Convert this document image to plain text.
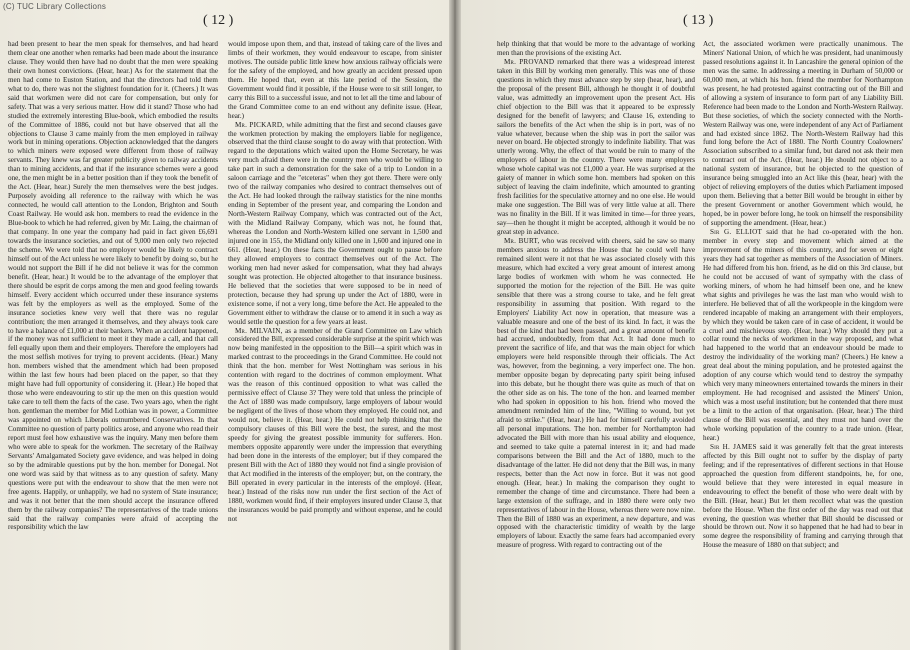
(C) TUC Library Collections
( 12 )

had been present to hear the men speak for themselves, and had heard them clear one another when remarks had been made about the insurance clause. They would then have had no doubt that the men were speaking their own honest convictions. (Hear, hear.) As for the statement that the men had come to Euston Station, and that the directors had told them what to do, there was not the slightest foundation for it. (Cheers.) It was said that workmen were did not care for compensation, but only for safety. That was a very serious matter. How did it stand? Those who had studied the extremely interesting Blue-book, which embodied the results of the Committee of 1886, could not but have observed that all the objections to Clause 3 came mainly from the men employed in railway work but in mining operations. Objection acknowledged that the dangers to which miners were exposed were different from those of railway servants. They knew was far greater publicity given to railway accidents than to mining accidents, and that if the insurance schemes were a good one, the men might be in a better position than if they took the benefit of the Act. (Hear, hear.) Surely the men themselves were the best judges. Purposely avoiding all reference to the railway with which he was connected, he would call attention to the London, Brighton and South Coast Railway. He would ask hon. members to read the evidence in the Blue-book to which he had referred, given by Mr. Laing, the chairman of that company. In one year the company had paid in fact given £6,691 towards the insurance societies, and out of 9,000 men only two rejected the scheme. We were told that no employer would be likely to contract himself out of the Act unless he were likely to benefit by doing so, but he would not support the Bill if he did not believe it was for the common benefit. (Hear, hear.) It would be to the advantage of the employer that there should be esprit de corps among the men and good feeling towards himself. Every accident which occurred under these insurance systems was felt by the employers as well as the employed. Some of the insurance societies knew very well that there was no regular contribution; the men arranged it themselves, and they always took care to have a balance of £1,000 at their bankers. When an accident happened, if the money was not sufficient to meet it they made a call, and that call fell equally upon them and their employers. Therefore the employers had the most selfish motives for trying to prevent accidents. (Hear.) Many hon. members wished that the amendment which had been proposed within the last few hours had been placed on the paper, so that they might have had full opportunity of considering it. (Hear.) He hoped that those who were endeavouring to stir up the men on this question would take care to tell them the facts of the case. Two years ago, when the right hon. gentleman the member for Mid Lothian was in power, a Committee was appointed on which Liberals outnumbered Conservatives. In that Committee no question of party politics arose, and anyone who read their report must feel how exhaustive was the inquiry. Many men before them who were able to speak for the workmen. The secretary of the Railway Servants' Amalgamated Society gave evidence, and was helped in doing so by the admirable questions put by the hon. member for Donegal. Not one word was said by that witness as to any question of safety. Many questions were put with the endeavour to show that the men were not free agents. Happily, or unhappily, we had no system of State insurance; and was it not better that the men should accept the insurance offered them by the railway companies? The representatives of the trade unions said that the railway companies were afraid of accepting the responsibility which the law

would impose upon them, and that, instead of taking care of the lives and limbs of their workmen, they would endeavour to escape, from sinister motives. The outside public little knew how anxious railway officials were for the safety of the employed, and how greatly an accident pressed upon them. He hoped that, even at this late period of the Session, the Government would find it possible, if the House were to sit still longer, to carry this Bill to a successful issue, and not to let all the time and labour of the Grand Committee come to an end without any definite issue. (Hear, hear.)

Mr. PICKARD, while admitting that the first and second clauses gave the workmen protection by making the employers liable for negligence, observed that the third clause sought to do away with that protection. With regard to the deputations which waited upon the Home Secretary, he was very much afraid there were in the country men who would be willing to take part in such a demonstration for the sake of a trip to London in a saloon carriage and the "etceteras" when they got there. There were only two of the railway companies who desired to contract themselves out of the Act. He had looked through the railway statistics for the nine months ending in September of the present year, and comparing the London and North-Western Railway Company, which was contracted out of the Act, with the Midland Railway Company, which was not, he found that, whereas the London and North-Western killed one servant in 1,500 and injured one in 155, the Midland only killed one in 1,600 and injured one in 661. (Hear, hear.) On these facts the Government ought to pause before they allowed employers to contract themselves out of the Act. The working men had never asked for compensation, what they had always sought was protection. He objected altogether to that insurance business. He believed that the societies that were supposed to be in need of protection, because they had sprung up under the Act of 1880, were in existence some, if not a very long, time before the Act. He appealed to the Government either to withdraw the clause or to amend it in such a way as would settle the question for a few years at least.

Mr. MILVAIN, as a member of the Grand Committee on Law which considered the Bill, expressed considerable surprise at the spirit which was now being manifested in the opposition to the Bill—a spirit which was in marked contrast to the proceedings in the Grand Committee. He could not think that the hon. member for West Nottingham was serious in his contention with regard to the doctrines of common employment. What was the reason of this continued opposition to what was called the permissive effect of Clause 3? They were told that unless the principle of the Act of 1880 was made compulsory, large employers of labour would be negligent of the lives of those whom they employed. He could not, and would not, believe it. (Hear, hear.) He could not help thinking that the compulsory clauses of this Bill were the best, the surest, and the most speedy for giving the greatest possible immunity for sufferers. Hon. members opposite apparently were under the impression that everything had been done in the interests of the employer; but if they compared the present Bill with the Act of 1880 they would not find a single provision of that Act modified in the interests of the employer; but, on the contrary, the Bill operated in every particular in the interests of the employé. (Hear, hear.) Instead of the risks now run under the first section of the Act of 1880, workmen would find, if their employers insured under Clause 3, that the insurances would be paid promptly and without expense, and he could not

( 13 )

help thinking that that would be more to the advantage of working men than the provisions of the existing Act.

Mr. PROVAND remarked that there was a widespread interest taken in this Bill by working men generally. This was one of those questions in which they must advance step by step (hear, hear), and the proposal of the present Bill, although he thought it of doubtful value, was admittedly an improvement upon the present Act. His chief objection to the Bill was that it appeared to be expressly designed for the benefit of lawyers; and Clause 16, extending to sailors the benefits of the Act when the ship is in port, was of no value whatever, because when the ship was in port the sailor was never on board. He objected strongly to indefinite liability. That was utterly wrong. Why, the effect of that would be ruin to many of the employers of labour in the country. There were many employers whose whole capital was not £1,000 a year. He was surprised at the gaiety of manner in which some hon. members had spoken on this subject of leaving the claim indefinite, which amounted to granting fresh facilities for the speculative attorney and no one else. He would make one suggestion. The Bill was of very little value at all. There was no finality in the Bill. If it was limited in time—for three years, say—then he thought it might be accepted, although it would be no great step in advance.

Mr. BURT, who was received with cheers, said he saw so many members anxious to address the House that he could well have remained silent were it not that he was associated closely with this measure, which had excited a very great amount of interest among large bodies of workmen with whom he was connected. He supported the motion for the rejection of the Bill. He was quite sensible that there was a strong course to take, and he felt great responsibility in assuming that position. With regard to the Employers' Liability Act now in operation, that measure was a valuable measure and one of the best of its kind. In fact, it was the best of the kind that had been passed, and a great amount of benefit had accrued, undoubtedly, from that Act. It had done much to prevent the sacrifice of life, and that was the main object for which employers were held responsible through their officials. The Act was, however, from the beginning, a very imperfect one. The hon. member opposite began by deprecating party spirit being infused into this debate, but he thought there was quite as much of that on the other side as on his. The tone of the hon. and learned member who had spoken in opposition to his hon. friend who moved the amendment reminded him of the line, "Willing to wound, but yet afraid to strike." (Hear, hear.) He had for himself carefully avoided all personal imputations. The hon. member for Northampton had advocated the Bill with more than his usual ability and eloquence, and seemed to take quite a paternal interest in it; and had made comparisons between the Bill and the Act of 1880, much to the disadvantage of the latter. He did not deny that the Bill was, in many respects, better than the Act now in force. But it was not good enough. (Hear, hear.) In making the comparison they ought to remember the change of time and circumstance. There had been a large extension of the suffrage, and in 1880 there were only two representatives of labour in the House, whereas there were now nine. Then the Bill of 1880 was an experiment, a new departure, and was opposed with the characteristic timidity of wealth by the large employers of labour. Exactly the same fears had accompanied every measure of progress. With regard to contracting out of the

Act, the associated workmen were practically unanimous. The Miners' National Union, of which he was president, had unanimously passed resolutions against it. In Lancashire the general opinion of the men was the same. In addressing a meeting in Durham of 50,000 or 60,000 men, at which his hon. friend the member for Northampton was present, he had protested against contracting out of the Bill and of allowing a system of insurance to form part of any Liability Bill. Reference had been made to the London and North-Western Railway. But these societies, of which the society connected with the North-Western Railway was one, were independent of any Act of Parliament and had existed since 1862. The North-Western Railway had this fund long before the Act of 1880. The North Country Coalowners' Association subscribed to a similar fund, but dared not ask their men to contract out of the Act. (Hear, hear.) He should not object to a national system of insurance, but he objected to the question of insurance being smuggled into an Act like this (hear, hear) with the object of relieving employers of the duties which Parliament imposed upon them. Believing that a better Bill would be brought in either by the present Government or another Government which would, he hoped, be in power before long, he took on himself the responsibility of supporting the amendment. (Hear, hear.)

Sir G. ELLIOT said that he had co-operated with the hon. member in every step and movement which aimed at the improvement of the miners of this country, and for seven or eight years they had sat together as members of the Association of Miners. He had differed from his hon. friend, as he did on this 3rd clause, but he could not be accused of want of sympathy with the class of working miners, of whom he had himself been one, and he knew what sights and privileges he was the last man who would wish to interfere. He believed that of all the workpeople in the kingdom were rendered incapable of making an arrangement with their employers, by which they would be taken care of in case of accident, it would be a cruel and mischievous step. (Hear, hear.) Why should they put a collar round the necks of workmen in the way proposed, and what had happened to the world that an endeavour should be made to destroy the individuality of the working man? (Cheers.) He knew a great deal about the mining population, and he protested against the adoption of any course which would tend to destroy the sympathy which very many mineowners entertained towards the miners in their employment. He had recognised and assisted the Miners' Union, which was a most useful institution; but he contended that there must be a limit to the action of that organisation. (Hear, hear.) The third clause of the Bill was essential, and they must not hand over the whole working population of the country to a trade union. (Hear, hear.)

Sir H. JAMES said it was generally felt that the great interests affected by this Bill ought not to suffer by the display of party feeling; and if the representatives of different sections in that House approached the question from different standpoints, he, for one, would believe that they were interested in equal measure in endeavouring to effect the benefit of those who were dealt with by the Bill. (Hear, hear.) But let them recollect what was the question before the House. When the first order of the day was read out that evening, the question was whether that Bill should be discussed or should be thrown out. Now it so happened that he had had to bear in some degree the responsibility of framing and carrying through that House the measure of 1880 on that subject; and
